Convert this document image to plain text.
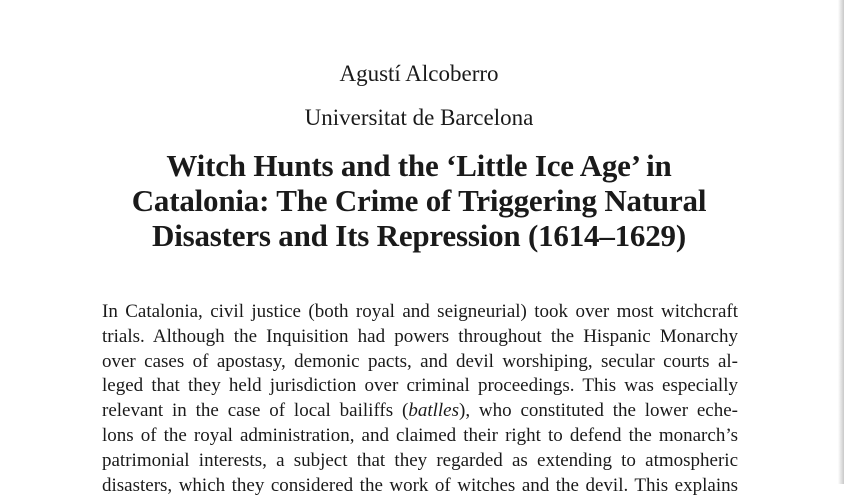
Agustí Alcoberro
Universitat de Barcelona
Witch Hunts and the ‘Little Ice Age’ in
Catalonia: The Crime of Triggering Natural
Disasters and Its Repression (1614–1629)
In Catalonia, civil justice (both royal and seigneurial) took over most witchcraft
trials. Although the Inquisition had powers throughout the Hispanic Monarchy
over cases of apostasy, demonic pacts, and devil worshiping, secular courts al-
leged that they held jurisdiction over criminal proceedings. This was especially
relevant in the case of local bailiffs (batlles), who constituted the lower eche-
lons of the royal administration, and claimed their right to defend the monarch’s
patrimonial interests, a subject that they regarded as extending to atmospheric
disasters, which they considered the work of witches and the devil. This explains
